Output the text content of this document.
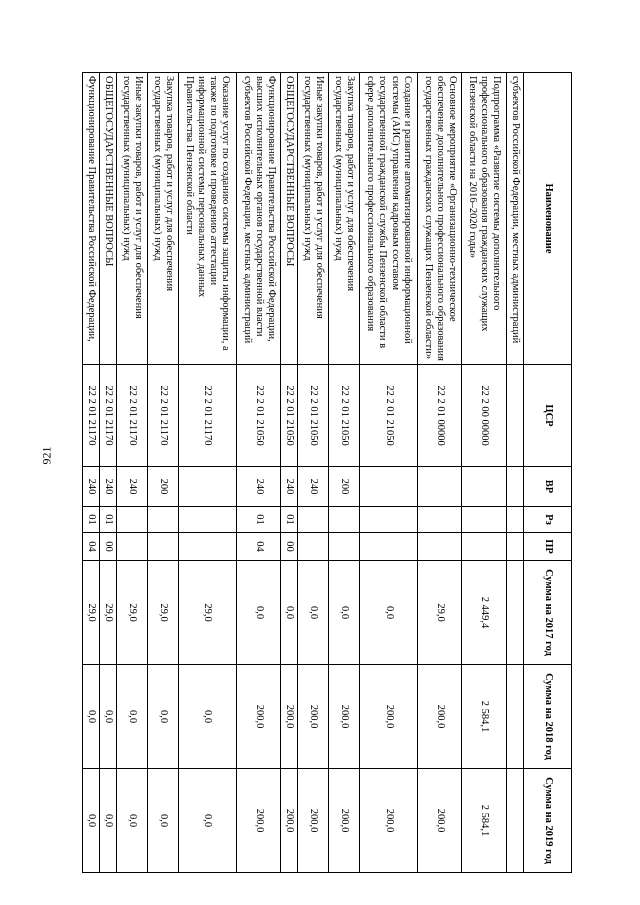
921
Наименование	ЦСР	ВР	Рз	ПР	Сумма на 2017 год	Сумма на 2018 год	Сумма на 2019 год
субъектов Российской Федерации, местных администраций							
Подпрограмма «Развитие системы дополнительного профессионального образования гражданских служащих Пензенской области на 2016–2020 годы»	22 2 00 00000				2 449,4	2 584,1	2 584,1
Основное мероприятие «Организационно-техническое обеспечение дополнительного профессионального образования государственных гражданских служащих Пензенской области»	22 2 01 00000				29,0	200,0	200,0
Создание и развитие автоматизированной информационной системы (АИС) управления кадровым составом государственной гражданской службы Пензенской области в сфере дополнительного профессионального образования	22 2 01 21050				0,0	200,0	200,0
Закупка товаров, работ и услуг для обеспечения государственных (муниципальных) нужд	22 2 01 21050	200			0,0	200,0	200,0
Иные закупки товаров, работ и услуг для обеспечения государственных (муниципальных) нужд	22 2 01 21050	240			0,0	200,0	200,0
ОБЩЕГОСУДАРСТВЕННЫЕ ВОПРОСЫ	22 2 01 21050	240	01	00	0,0	200,0	200,0
Функционирование Правительства Российской Федерации, высших исполнительных органов государственной власти субъектов Российской Федерации, местных администраций	22 2 01 21050	240	01	04	0,0	200,0	200,0
Оказание услуг по созданию системы защиты информации, а также по подготовке и проведению аттестации информационной системы персональных данных Правительства Пензенской области	22 2 01 21170				29,0	0,0	0,0
Закупка товаров, работ и услуг для обеспечения государственных (муниципальных) нужд	22 2 01 21170	200			29,0	0,0	0,0
Иные закупки товаров, работ и услуг для обеспечения государственных (муниципальных) нужд	22 2 01 21170	240			29,0	0,0	0,0
ОБЩЕГОСУДАРСТВЕННЫЕ ВОПРОСЫ	22 2 01 21170	240	01	00	29,0	0,0	0,0
Функционирование Правительства Российской Федерации,	22 2 01 21170	240	01	04	29,0	0,0	0,0
